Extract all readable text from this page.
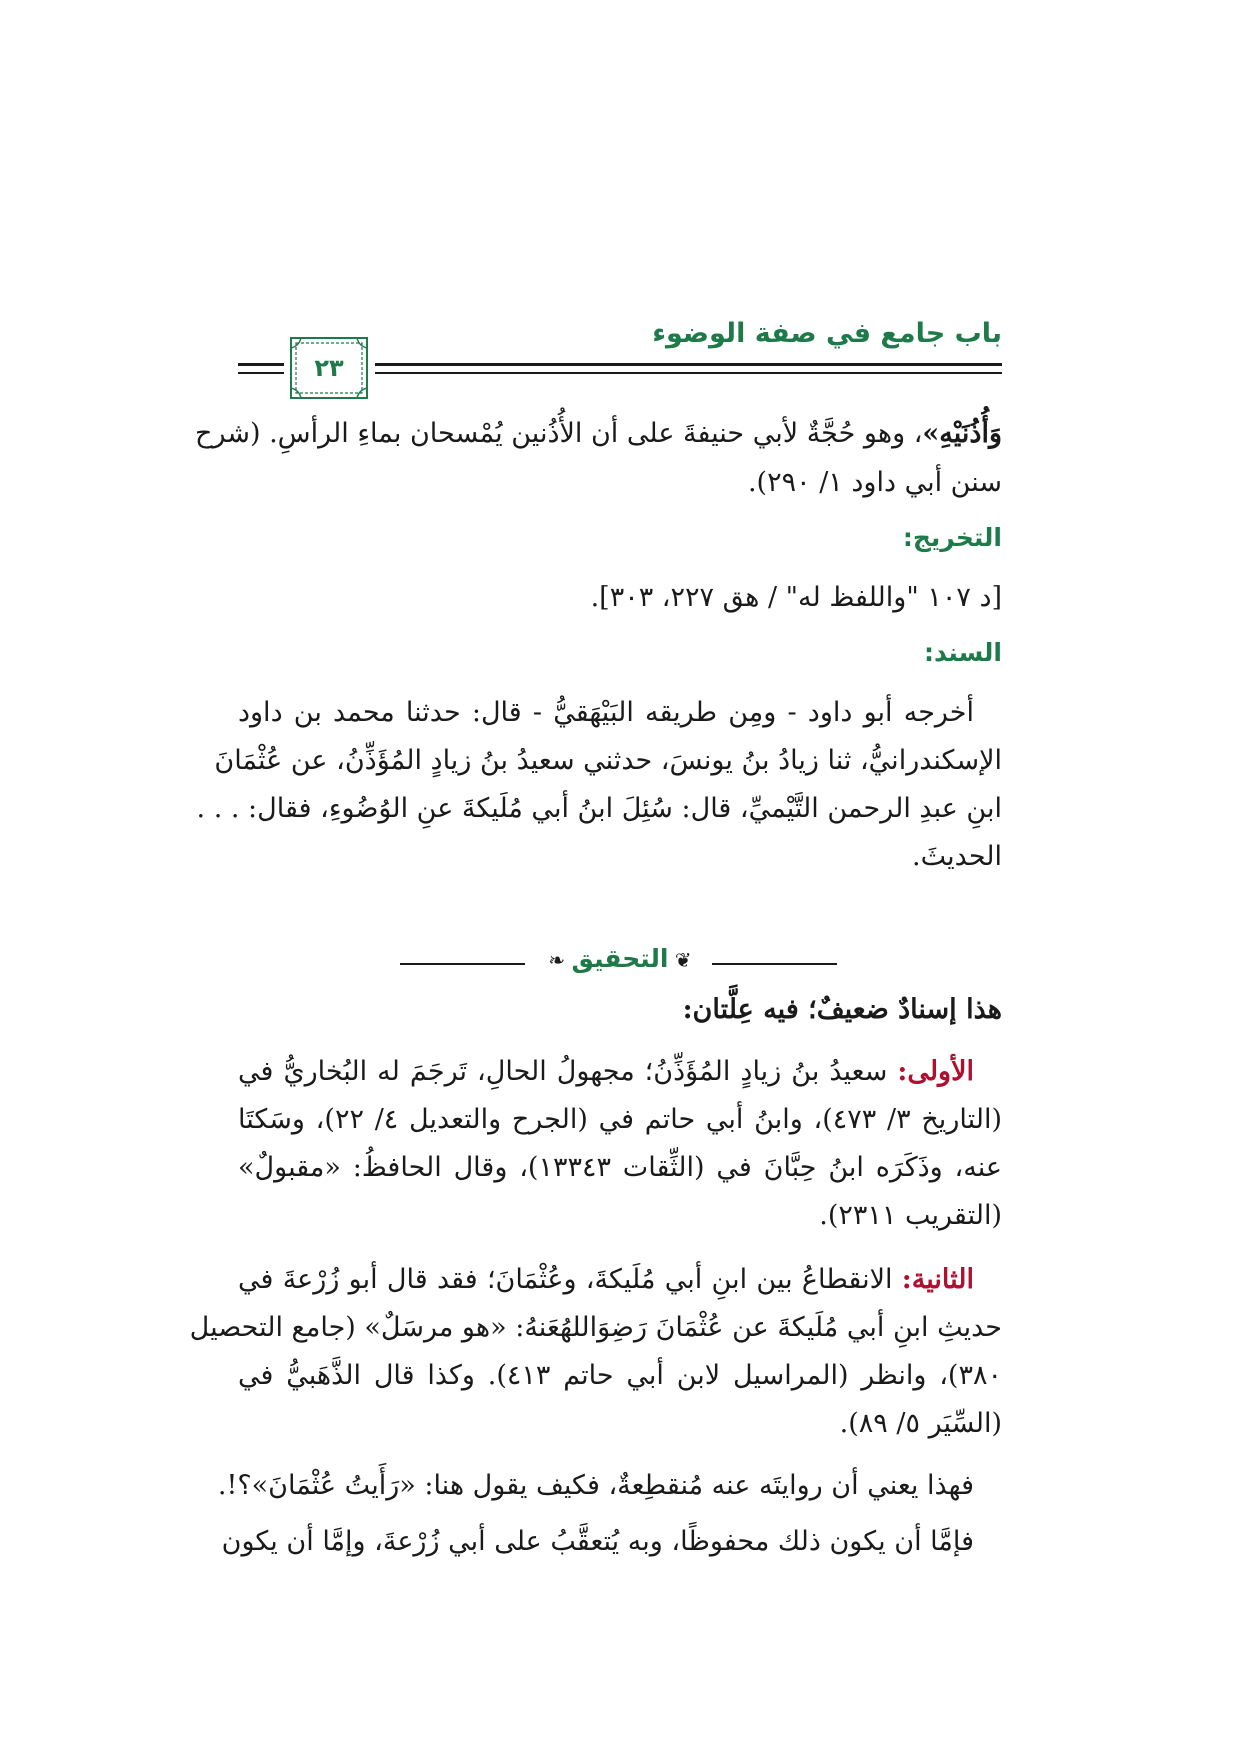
باب جامع في صفة الوضوء
٢٣
وَأُذُنَيْهِ»، وهو حُجَّةٌ لأبي حنيفةَ على أن الأُذُنين يُمْسحان بماءِ الرأسِ. (شرح
سنن أبي داود ١/ ٢٩٠).
التخريج:
[د ١٠٧ "واللفظ له" / هق ٢٢٧، ٣٠٣].
السند:
أخرجه أبو داود - ومِن طريقه البَيْهَقيُّ - قال: حدثنا محمد بن داود
الإسكندرانيُّ، ثنا زيادُ بنُ يونسَ، حدثني سعيدُ بنُ زيادٍ المُؤَذِّنُ، عن عُثْمَانَ
ابنِ عبدِ الرحمن التَّيْميِّ، قال: سُئِلَ ابنُ أبي مُلَيكةَ عنِ الوُضُوءِ، فقال: . . .
الحديثَ.
❦ التحقيق ❧
هذا إسنادٌ ضعيفٌ؛ فيه عِلَّتان:
الأولى: سعيدُ بنُ زيادٍ المُؤَذِّنُ؛ مجهولُ الحالِ، تَرجَمَ له البُخاريُّ في
(التاريخ ٣/ ٤٧٣)، وابنُ أبي حاتم في (الجرح والتعديل ٤/ ٢٢)، وسَكتَا
عنه، وذَكَرَه ابنُ حِبَّانَ في (الثِّقات ١٣٣٤٣)، وقال الحافظُ: «مقبولٌ»
(التقريب ٢٣١١).
الثانية: الانقطاعُ بين ابنِ أبي مُلَيكةَ، وعُثْمَانَ؛ فقد قال أبو زُرْعةَ في
حديثِ ابنِ أبي مُلَيكةَ عن عُثْمَانَ رَضِوَاللهُعَنهُ: «هو مرسَلٌ» (جامع التحصيل
٣٨٠)، وانظر (المراسيل لابن أبي حاتم ٤١٣). وكذا قال الذَّهَبيُّ في
(السِّيَر ٥/ ٨٩).
فهذا يعني أن روايتَه عنه مُنقطِعةٌ، فكيف يقول هنا: «رَأَيتُ عُثْمَانَ»؟!.
فإمَّا أن يكون ذلك محفوظًا، وبه يُتعقَّبُ على أبي زُرْعةَ، وإمَّا أن يكون
